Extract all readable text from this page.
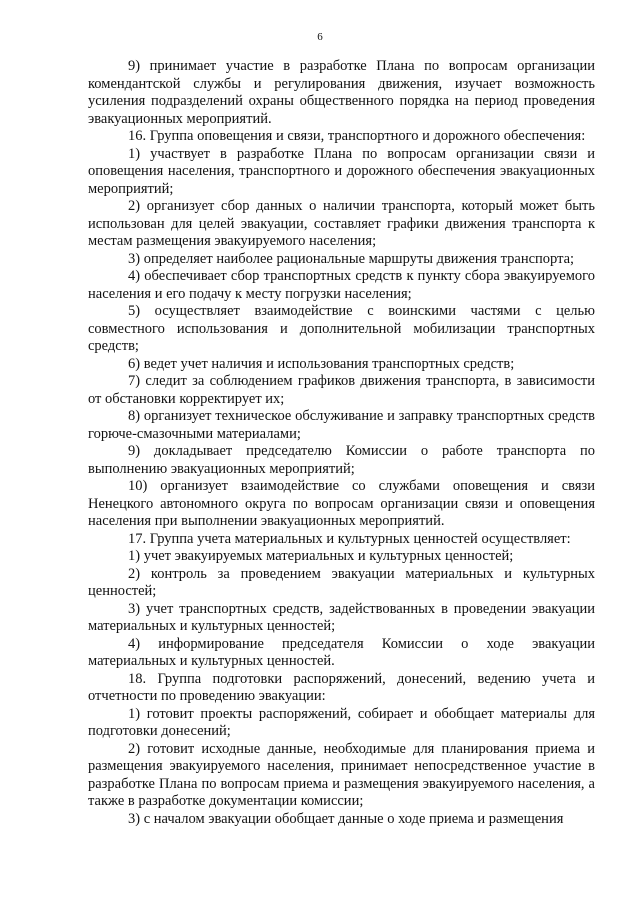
6

9) принимает участие в разработке Плана по вопросам организации комендантской службы и регулирования движения, изучает возможность усиления подразделений охраны общественного порядка на период проведения эвакуационных мероприятий.

16. Группа оповещения и связи, транспортного и дорожного обеспечения:

1) участвует в разработке Плана по вопросам организации связи и оповещения населения, транспортного и дорожного обеспечения эвакуационных мероприятий;

2) организует сбор данных о наличии транспорта, который может быть использован для целей эвакуации, составляет графики движения транспорта к местам размещения эвакуируемого населения;

3) определяет наиболее рациональные маршруты движения транспорта;

4) обеспечивает сбор транспортных средств к пункту сбора эвакуируемого населения и его подачу к месту погрузки населения;

5) осуществляет взаимодействие с воинскими частями с целью совместного использования и дополнительной мобилизации транспортных средств;

6) ведет учет наличия и использования транспортных средств;

7) следит за соблюдением графиков движения транспорта, в зависимости от обстановки корректирует их;

8) организует техническое обслуживание и заправку транспортных средств горюче-смазочными материалами;

9) докладывает председателю Комиссии о работе транспорта по выполнению эвакуационных мероприятий;

10) организует взаимодействие со службами оповещения и связи Ненецкого автономного округа по вопросам организации связи и оповещения населения при выполнении эвакуационных мероприятий.

17. Группа учета материальных и культурных ценностей осуществляет:

1) учет эвакуируемых материальных и культурных ценностей;

2) контроль за проведением эвакуации материальных и культурных ценностей;

3) учет транспортных средств, задействованных в проведении эвакуации материальных и культурных ценностей;

4) информирование председателя Комиссии о ходе эвакуации материальных и культурных ценностей.

18. Группа подготовки распоряжений, донесений, ведению учета и отчетности по проведению эвакуации:

1) готовит проекты распоряжений, собирает и обобщает материалы для подготовки донесений;

2) готовит исходные данные, необходимые для планирования приема и размещения эвакуируемого населения, принимает непосредственное участие в разработке Плана по вопросам приема и размещения эвакуируемого населения, а также в разработке документации комиссии;

3) с началом эвакуации обобщает данные о ходе приема и размещения
